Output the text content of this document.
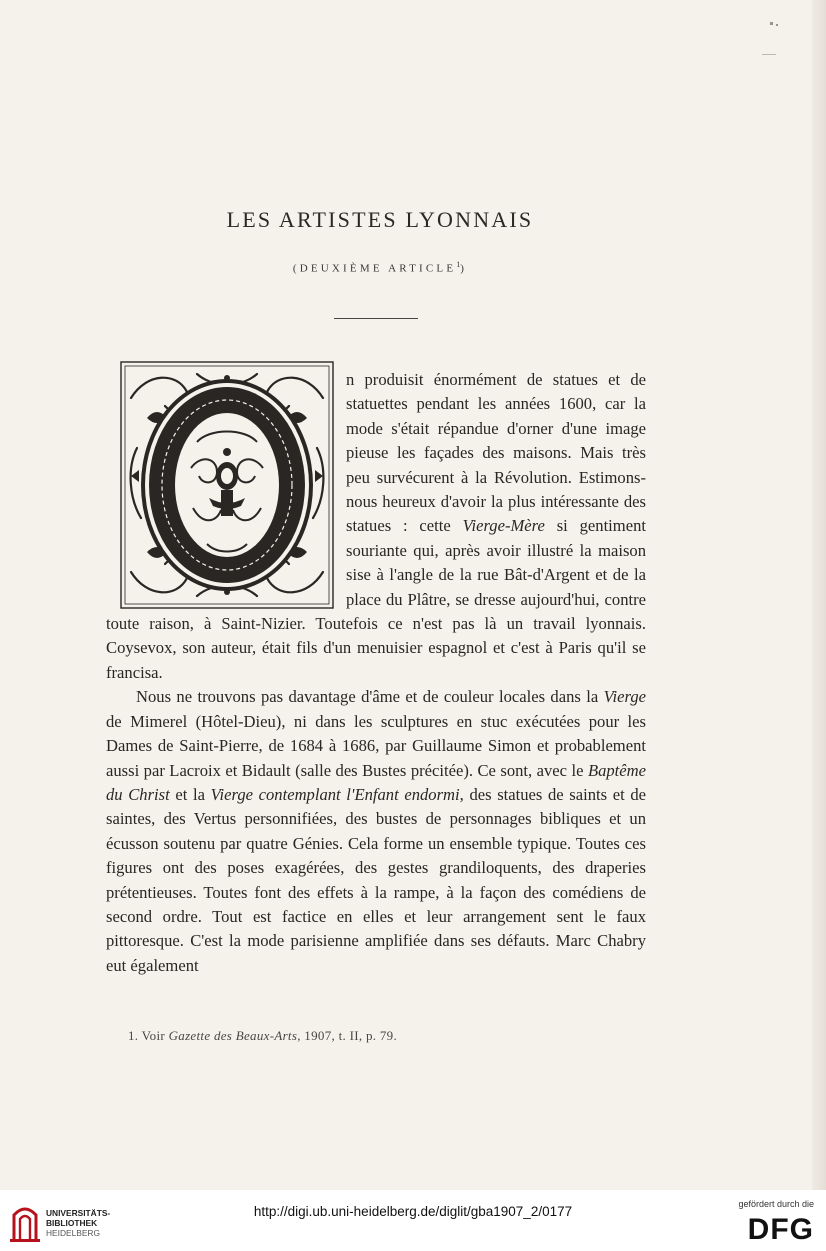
LES ARTISTES LYONNAIS
(DEUXIÈME ARTICLE$^1$)

n produisit énormément de statues et de statuettes pendant les années 1600, car la mode s'était répandue d'orner d'une image pieuse les façades des maisons. Mais très peu survécurent à la Révolution. Estimons-nous heureux d'avoir la plus intéressante des statues : cette Vierge-Mère si gentiment souriante qui, après avoir illustré la maison sise à l'angle de la rue Bât-d'Argent et de la place du Plâtre, se dresse aujourd'hui, contre toute raison, à Saint-Nizier. Toutefois ce n'est pas là un travail lyonnais. Coysevox, son auteur, était fils d'un menuisier espagnol et c'est à Paris qu'il se francisa.

Nous ne trouvons pas davantage d'âme et de couleur locales dans la Vierge de Mimerel (Hôtel-Dieu), ni dans les sculptures en stuc exécutées pour les Dames de Saint-Pierre, de 1684 à 1686, par Guillaume Simon et probablement aussi par Lacroix et Bidault (salle des Bustes précitée). Ce sont, avec le Baptême du Christ et la Vierge contemplant l'Enfant endormi, des statues de saints et de saintes, des Vertus personnifiées, des bustes de personnages bibliques et un écusson soutenu par quatre Génies. Cela forme un ensemble typique. Toutes ces figures ont des poses exagérées, des gestes grandiloquents, des draperies prétentieuses. Toutes font des effets à la rampe, à la façon des comédiens de second ordre. Tout est factice en elles et leur arrangement sent le faux pittoresque. C'est la mode parisienne amplifiée dans ses défauts. Marc Chabry eut également

1. Voir Gazette des Beaux-Arts, 1907, t. II, p. 79.
UNIVERSITÄTS-
BIBLIOTHEK
HEIDELBERG
http://digi.ub.uni-heidelberg.de/diglit/gba1907_2/0177	gefördert durch die
DFG
